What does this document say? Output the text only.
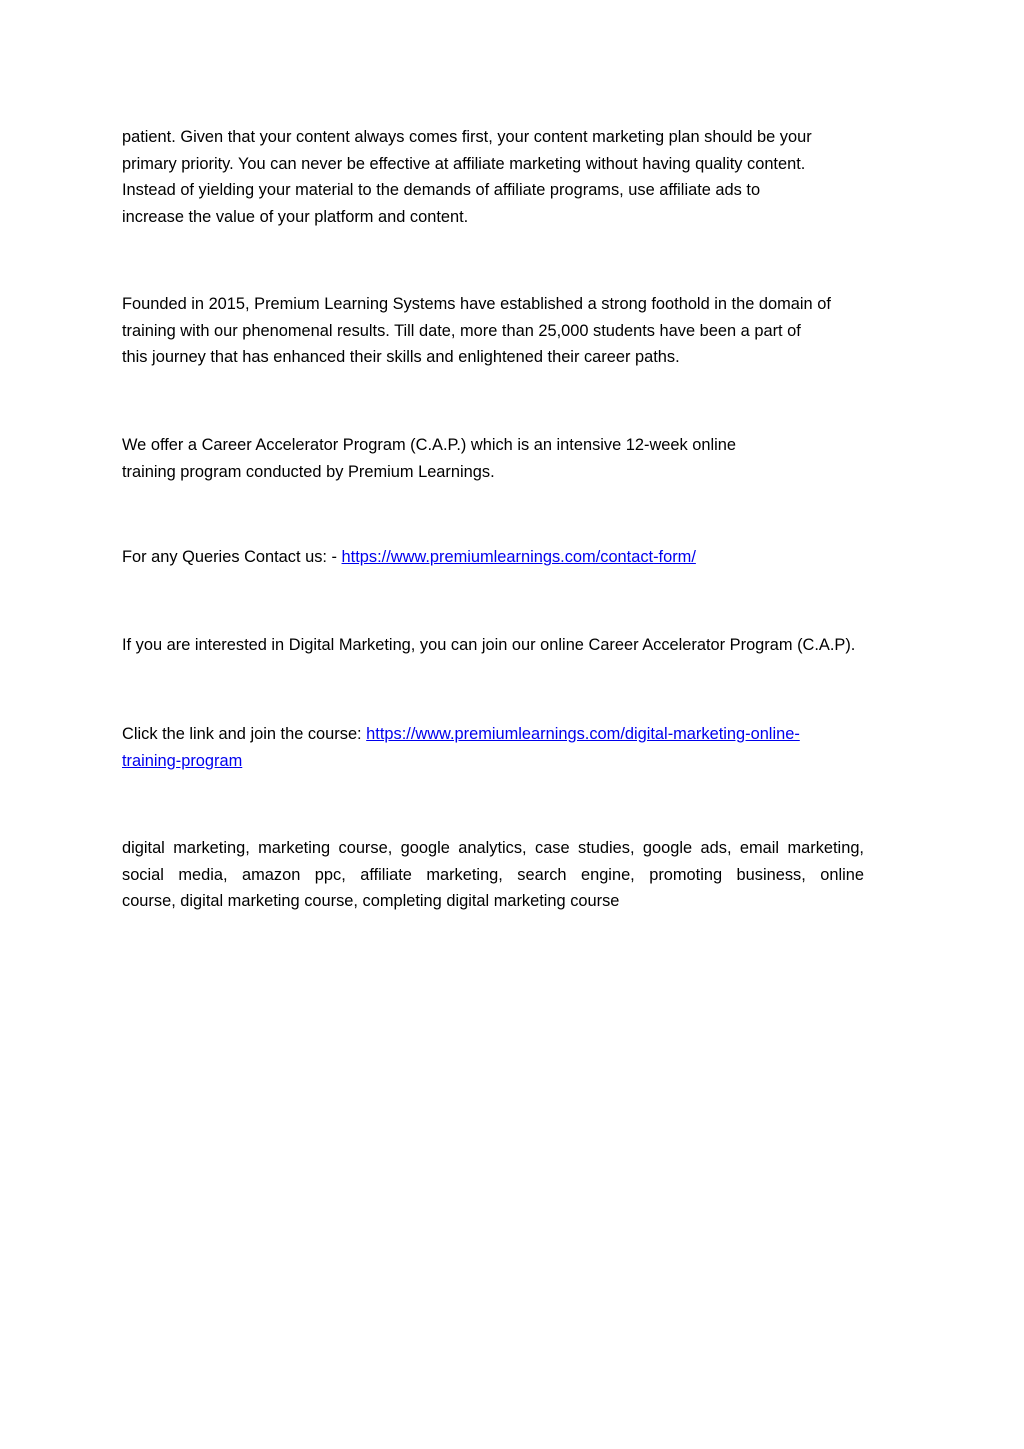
patient. Given that your content always comes first, your content marketing plan should be your
primary priority. You can never be effective at affiliate marketing without having quality content.
Instead of yielding your material to the demands of affiliate programs, use affiliate ads to
increase the value of your platform and content.

Founded in 2015, Premium Learning Systems have established a strong foothold in the domain of
training with our phenomenal results. Till date, more than 25,000 students have been a part of
this journey that has enhanced their skills and enlightened their career paths.

We offer a Career Accelerator Program (C.A.P.) which is an intensive 12-week online
training program conducted by Premium Learnings.

For any Queries Contact us: - https://www.premiumlearnings.com/contact-form/

If you are interested in Digital Marketing, you can join our online Career Accelerator Program (C.A.P).

Click the link and join the course: https://www.premiumlearnings.com/digital-marketing-online-
training-program

digital marketing, marketing course, google analytics, case studies, google ads, email marketing,
social media, amazon ppc, affiliate marketing, search engine, promoting business, online
course, digital marketing course, completing digital marketing course
